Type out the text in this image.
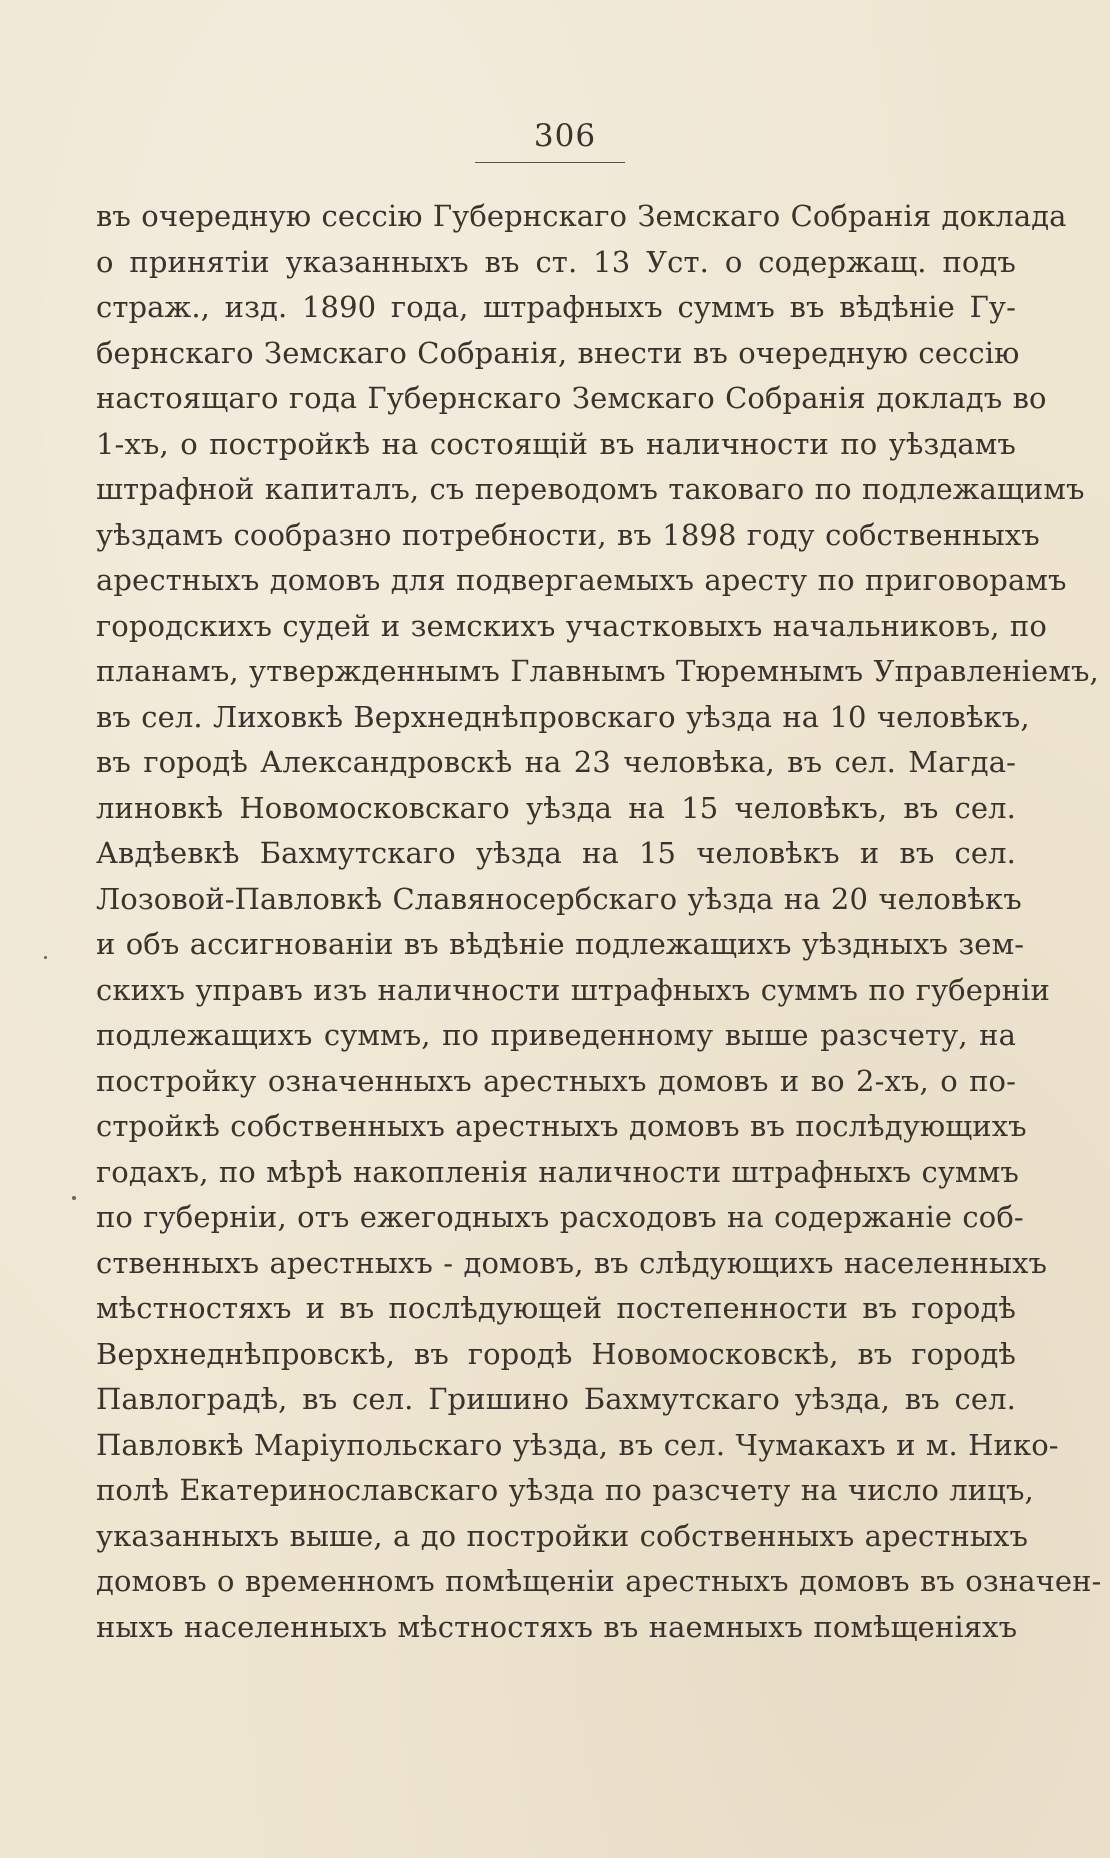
306
въ очередную сессію Губернскаго Земскаго Собранія доклада
о принятіи указанныхъ въ ст. 13 Уст. о содержащ. подъ
страж., изд. 1890 года, штрафныхъ суммъ въ вѣдѣніе Гу-
бернскаго Земскаго Собранія, внести въ очередную сессію
настоящаго года Губернскаго Земскаго Собранія докладъ во
1-хъ, о постройкѣ на состоящій въ наличности по уѣздамъ
штрафной капиталъ, съ переводомъ таковаго по подлежащимъ
уѣздамъ сообразно потребности, въ 1898 году собственныхъ
арестныхъ домовъ для подвергаемыхъ аресту по приговорамъ
городскихъ судей и земскихъ участковыхъ начальниковъ, по
планамъ, утвержденнымъ Главнымъ Тюремнымъ Управленіемъ,
въ сел. Лиховкѣ Верхнеднѣпровскаго уѣзда на 10 человѣкъ,
въ городѣ Александровскѣ на 23 человѣка, въ сел. Магда-
линовкѣ Новомосковскаго уѣзда на 15 человѣкъ, въ сел.
Авдѣевкѣ Бахмутскаго уѣзда на 15 человѣкъ и въ сел.
Лозовой-Павловкѣ Славяносербскаго уѣзда на 20 человѣкъ
и объ ассигнованіи въ вѣдѣніе подлежащихъ уѣздныхъ зем-
скихъ управъ изъ наличности штрафныхъ суммъ по губерніи
подлежащихъ суммъ, по приведенному выше разсчету, на
постройку означенныхъ арестныхъ домовъ и во 2-хъ, о по-
стройкѣ собственныхъ арестныхъ домовъ въ послѣдующихъ
годахъ, по мѣрѣ накопленія наличности штрафныхъ суммъ
по губерніи, отъ ежегодныхъ расходовъ на содержаніе соб-
ственныхъ арестныхъ - домовъ, въ слѣдующихъ населенныхъ
мѣстностяхъ и въ послѣдующей постепенности въ городѣ
Верхнеднѣпровскѣ, въ городѣ Новомосковскѣ, въ городѣ
Павлоградѣ, въ сел. Гришино Бахмутскаго уѣзда, въ сел.
Павловкѣ Маріупольскаго уѣзда, въ сел. Чумакахъ и м. Нико-
полѣ Екатеринославскаго уѣзда по разсчету на число лицъ,
указанныхъ выше, а до постройки собственныхъ арестныхъ
домовъ о временномъ помѣщеніи арестныхъ домовъ въ означен-
ныхъ населенныхъ мѣстностяхъ въ наемныхъ помѣщеніяхъ
